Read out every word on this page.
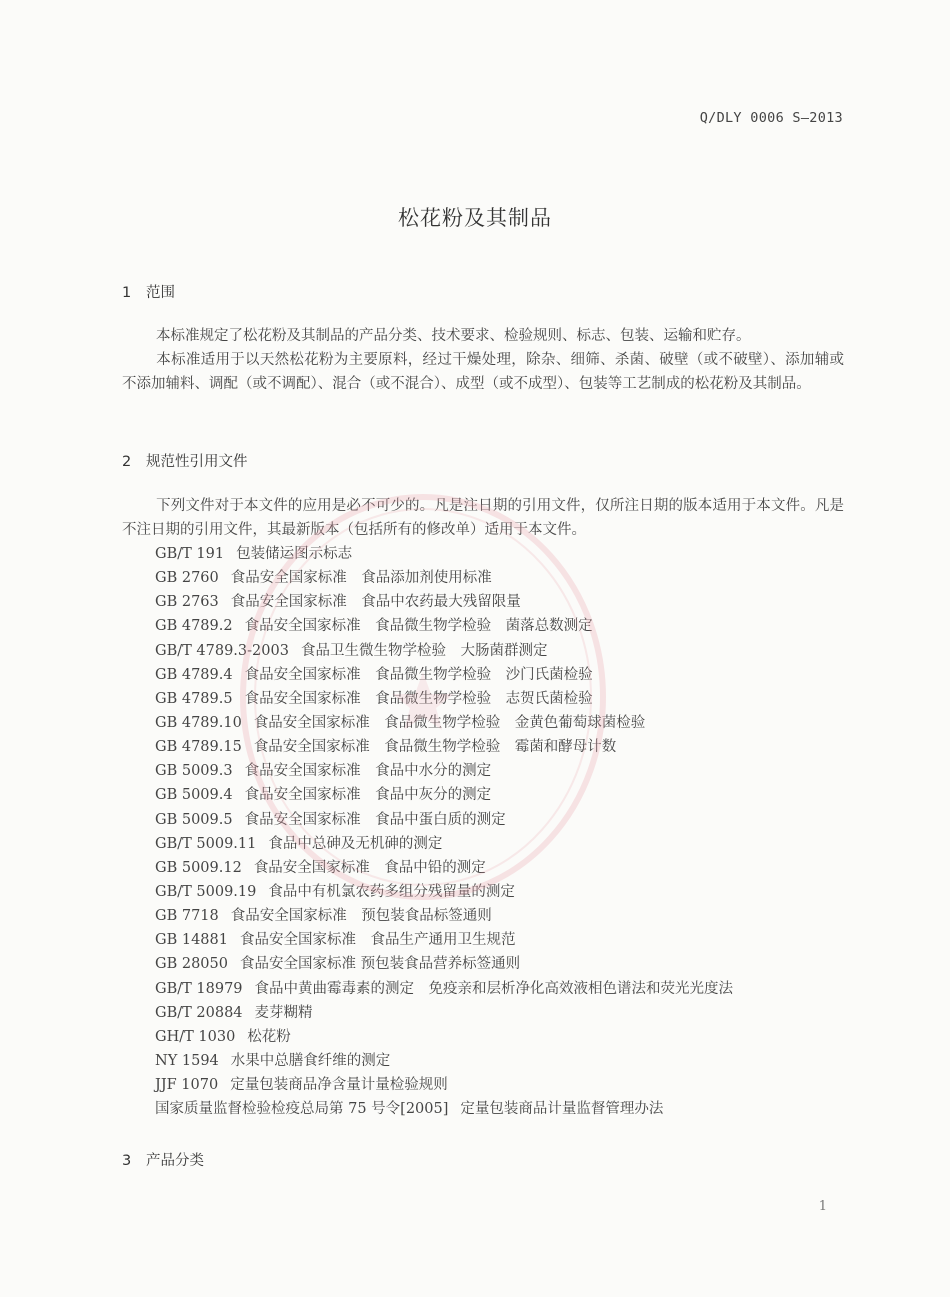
Q/DLY 0006 S—2013
松花粉及其制品
1 范围
本标准规定了松花粉及其制品的产品分类、技术要求、检验规则、标志、包装、运输和贮存。
本标准适用于以天然松花粉为主要原料，经过干燥处理，除杂、细筛、杀菌、破壁（或不破壁）、添加辅或不添加辅料、调配（或不调配）、混合（或不混合）、成型（或不成型）、包装等工艺制成的松花粉及其制品。
2 规范性引用文件
下列文件对于本文件的应用是必不可少的。凡是注日期的引用文件，仅所注日期的版本适用于本文件。凡是不注日期的引用文件，其最新版本（包括所有的修改单）适用于本文件。
GB/T 191 包装储运图示标志
GB 2760 食品安全国家标准　食品添加剂使用标准
GB 2763 食品安全国家标准　食品中农药最大残留限量
GB 4789.2 食品安全国家标准　食品微生物学检验　菌落总数测定
GB/T 4789.3-2003 食品卫生微生物学检验　大肠菌群测定
GB 4789.4 食品安全国家标准　食品微生物学检验　沙门氏菌检验
GB 4789.5 食品安全国家标准　食品微生物学检验　志贺氏菌检验
GB 4789.10 食品安全国家标准　食品微生物学检验　金黄色葡萄球菌检验
GB 4789.15 食品安全国家标准　食品微生物学检验　霉菌和酵母计数
GB 5009.3 食品安全国家标准　食品中水分的测定
GB 5009.4 食品安全国家标准　食品中灰分的测定
GB 5009.5 食品安全国家标准　食品中蛋白质的测定
GB/T 5009.11 食品中总砷及无机砷的测定
GB 5009.12 食品安全国家标准　食品中铅的测定
GB/T 5009.19 食品中有机氯农药多组分残留量的测定
GB 7718 食品安全国家标准　预包装食品标签通则
GB 14881 食品安全国家标准　食品生产通用卫生规范
GB 28050 食品安全国家标准 预包装食品营养标签通则
GB/T 18979 食品中黄曲霉毒素的测定　免疫亲和层析净化高效液相色谱法和荧光光度法
GB/T 20884 麦芽糊精
GH/T 1030 松花粉
NY 1594 水果中总膳食纤维的测定
JJF 1070 定量包装商品净含量计量检验规则
国家质量监督检验检疫总局第 75 号令[2005] 定量包装商品计量监督管理办法
3 产品分类
1
